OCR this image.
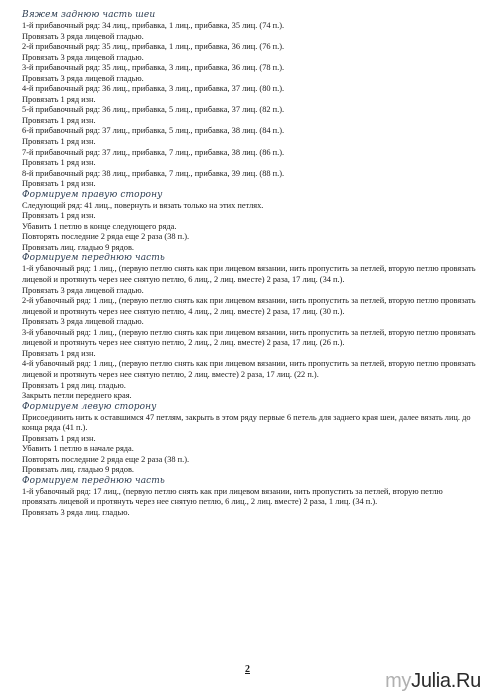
Вяжем заднюю часть шеи
1-й прибавочный ряд: 34 лиц., прибавка, 1 лиц., прибавка, 35 лиц. (74 п.).
Провязать 3 ряда лицевой гладью.
2-й прибавочный ряд: 35 лиц., прибавка, 1 лиц., прибавка, 36 лиц. (76 п.).
Провязать 3 ряда лицевой гладью.
3-й прибавочный ряд: 35 лиц., прибавка, 3 лиц., прибавка, 36 лиц. (78 п.).
Провязать 3 ряда лицевой гладью.
4-й прибавочный ряд: 36 лиц., прибавка, 3 лиц., прибавка, 37 лиц. (80 п.).
Провязать 1 ряд изн.
5-й прибавочный ряд: 36 лиц., прибавка, 5 лиц., прибавка, 37 лиц. (82 п.).
Провязать 1 ряд изн.
6-й прибавочный ряд: 37 лиц., прибавка, 5 лиц., прибавка, 38 лиц. (84 п.).
Провязать 1 ряд изн.
7-й прибавочный ряд: 37 лиц., прибавка, 7 лиц., прибавка, 38 лиц. (86 п.).
Провязать 1 ряд изн.
8-й прибавочный ряд: 38 лиц., прибавка, 7 лиц., прибавка, 39 лиц. (88 п.).
Провязать 1 ряд изн.
Формируем правую сторону
Следующий ряд: 41 лиц., повернуть и вязать только на этих петлях.
Провязать 1 ряд изн.
Убавить 1 петлю в конце следующего ряда.
Повторять последние 2 ряда еще 2 раза (38 п.).
Провязать лиц. гладью 9 рядов.
Формируем переднюю часть
1-й убавочный ряд: 1 лиц., (первую петлю снять как при лицевом вязании, нить пропустить за петлей, вторую петлю провязать лицевой и протянуть через нее снятую петлю, 6 лиц., 2 лиц. вместе) 2 раза, 17 лиц. (34 п.).
Провязать 3 ряда лицевой гладью.
2-й убавочный ряд: 1 лиц., (первую петлю снять как при лицевом вязании, нить пропустить за петлей, вторую петлю провязать лицевой и протянуть через нее снятую петлю, 4 лиц., 2 лиц. вместе) 2 раза, 17 лиц. (30 п.).
Провязать 3 ряда лицевой гладью.
3-й убавочный ряд: 1 лиц., (первую петлю снять как при лицевом вязании, нить пропустить за петлей, вторую петлю провязать лицевой и протянуть через нее снятую петлю, 2 лиц., 2 лиц. вместе) 2 раза, 17 лиц. (26 п.).
Провязать 1 ряд изн.
4-й убавочный ряд: 1 лиц., (первую петлю снять как при лицевом вязании, нить пропустить за петлей, вторую петлю провязать лицевой и протянуть через нее снятую петлю, 2 лиц. вместе) 2 раза, 17 лиц. (22 п.).
Провязать 1 ряд лиц. гладью.
Закрыть петли переднего края.
Формируем левую сторону
Присоединить нить к оставшимся 47 петлям, закрыть в этом ряду первые 6 петель для заднего края шеи, далее вязать лиц. до конца ряда (41 п.).
Провязать 1 ряд изн.
Убавить 1 петлю в начале ряда.
Повторять последние 2 ряда еще 2 раза (38 п.).
Провязать лиц. гладью 9 рядов.
Формируем переднюю часть
1-й убавочный ряд: 17 лиц., (первую петлю снять как при лицевом вязании, нить пропустить за петлей, вторую петлю провязать лицевой и протянуть через нее снятую петлю, 6 лиц., 2 лиц. вместе) 2 раза, 1 лиц. (34 п.).
Провязать 3 ряда лиц. гладью.
2
myJulia.Ru
